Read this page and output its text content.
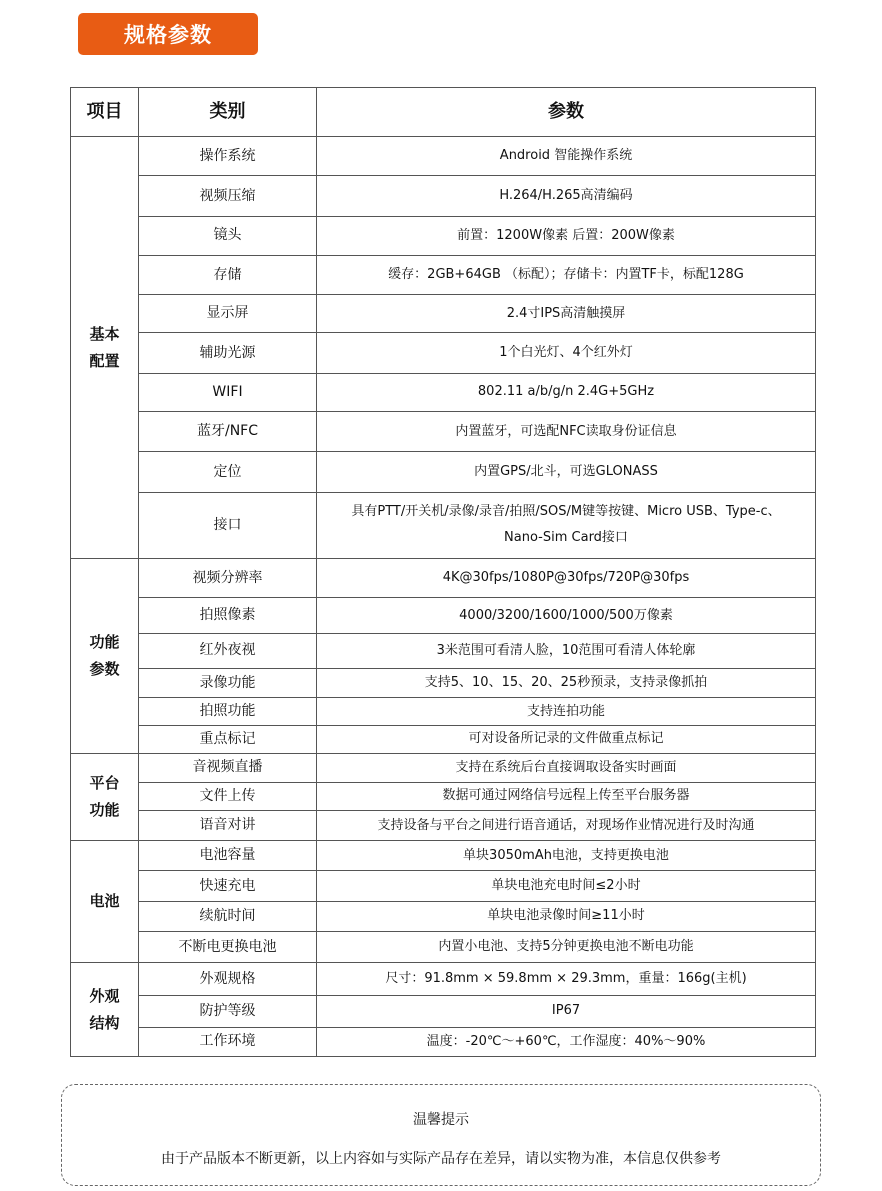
规格参数
项目	类别	参数
基本
配置	操作系统	Android 智能操作系统
	视频压缩	H.264/H.265高清编码
	镜头	前置：1200W像素 后置：200W像素
	存储	缓存：2GB+64GB （标配）；存储卡：内置TF卡，标配128G
	显示屏	2.4寸IPS高清触摸屏
	辅助光源	1个白光灯、4个红外灯
	WIFI	802.11 a/b/g/n 2.4G+5GHz
	蓝牙/NFC	内置蓝牙，可选配NFC读取身份证信息
	定位	内置GPS/北斗，可选GLONASS
	接口	具有PTT/开关机/录像/录音/拍照/SOS/M键等按键、Micro USB、Type-c、
Nano-Sim Card接口
功能
参数	视频分辨率	4K@30fps/1080P@30fps/720P@30fps
	拍照像素	4000/3200/1600/1000/500万像素
	红外夜视	3米范围可看清人脸，10范围可看清人体轮廓
	录像功能	支持5、10、15、20、25秒预录，支持录像抓拍
	拍照功能	支持连拍功能
	重点标记	可对设备所记录的文件做重点标记
平台
功能	音视频直播	支持在系统后台直接调取设备实时画面
	文件上传	数据可通过网络信号远程上传至平台服务器
	语音对讲	支持设备与平台之间进行语音通话，对现场作业情况进行及时沟通
电池	电池容量	单块3050mAh电池，支持更换电池
	快速充电	单块电池充电时间≤2小时
	续航时间	单块电池录像时间≥11小时
	不断电更换电池	内置小电池、支持5分钟更换电池不断电功能
外观
结构	外观规格	尺寸：91.8mm × 59.8mm × 29.3mm，重量：166g(主机)
	防护等级	IP67
	工作环境	温度：-20℃～+60℃，工作湿度：40%～90%
温馨提示
由于产品版本不断更新，以上内容如与实际产品存在差异，请以实物为准，本信息仅供参考
